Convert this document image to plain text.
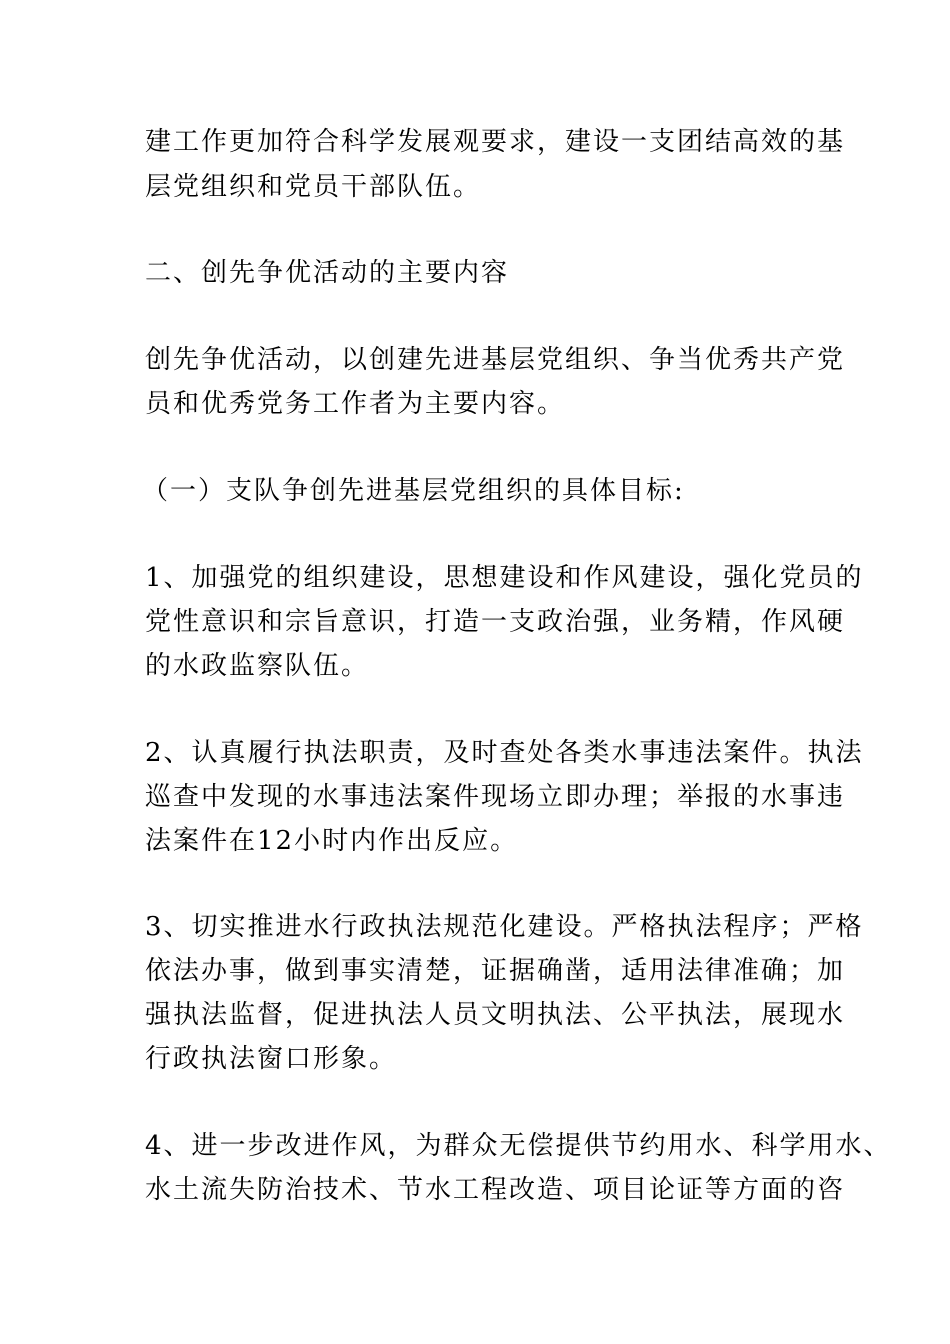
建工作更加符合科学发展观要求，建设一支团结高效的基

层党组织和党员干部队伍。

二、创先争优活动的主要内容

创先争优活动，以创建先进基层党组织、争当优秀共产党

员和优秀党务工作者为主要内容。

（一）支队争创先进基层党组织的具体目标:

1、加强党的组织建设，思想建设和作风建设，强化党员的

党性意识和宗旨意识，打造一支政治强，业务精，作风硬

的水政监察队伍。

2、认真履行执法职责，及时查处各类水事违法案件。执法

巡查中发现的水事违法案件现场立即办理；举报的水事违

法案件在12小时内作出反应。

3、切实推进水行政执法规范化建设。严格执法程序；严格

依法办事，做到事实清楚，证据确凿，适用法律准确；加

强执法监督，促进执法人员文明执法、公平执法，展现水

行政执法窗口形象。

4、进一步改进作风，为群众无偿提供节约用水、科学用水、

水土流失防治技术、节水工程改造、项目论证等方面的咨
